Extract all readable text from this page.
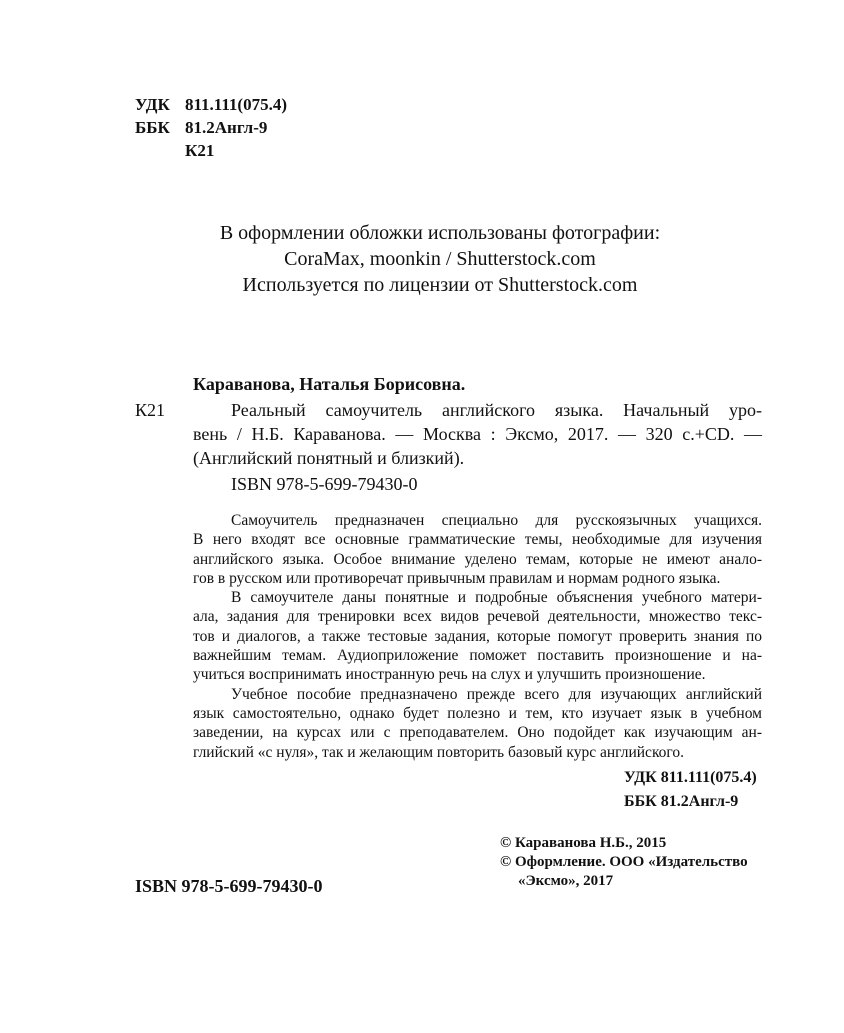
УДК 811.111(075.4)
ББК 81.2Англ-9
К21
В оформлении обложки использованы фотографии:
CoraMax, moonkin / Shutterstock.com
Используется по лицензии от Shutterstock.com
Караванова, Наталья Борисовна.
К21	Реальный самоучитель английского языка. Начальный уро-
вень / Н.Б. Караванова. — Москва : Эксмо, 2017. — 320 с.+CD. —
(Английский понятный и близкий).
ISBN 978-5-699-79430-0
Самоучитель предназначен специально для русскоязычных учащихся.
В него входят все основные грамматические темы, необходимые для изучения
английского языка. Особое внимание уделено темам, которые не имеют анало-
гов в русском или противоречат привычным правилам и нормам родного языка.
В самоучителе даны понятные и подробные объяснения учебного матери-
ала, задания для тренировки всех видов речевой деятельности, множество текс-
тов и диалогов, а также тестовые задания, которые помогут проверить знания по
важнейшим темам. Аудиоприложение поможет поставить произношение и на-
учиться воспринимать иностранную речь на слух и улучшить произношение.
Учебное пособие предназначено прежде всего для изучающих английский
язык самостоятельно, однако будет полезно и тем, кто изучает язык в учебном
заведении, на курсах или с преподавателем. Оно подойдет как изучающим ан-
глийский «с нуля», так и желающим повторить базовый курс английского.
УДК 811.111(075.4)
ББК 81.2Англ-9
© Караванова Н.Б., 2015
© Оформление. ООО «Издательство
«Эксмо», 2017
ISBN 978-5-699-79430-0
